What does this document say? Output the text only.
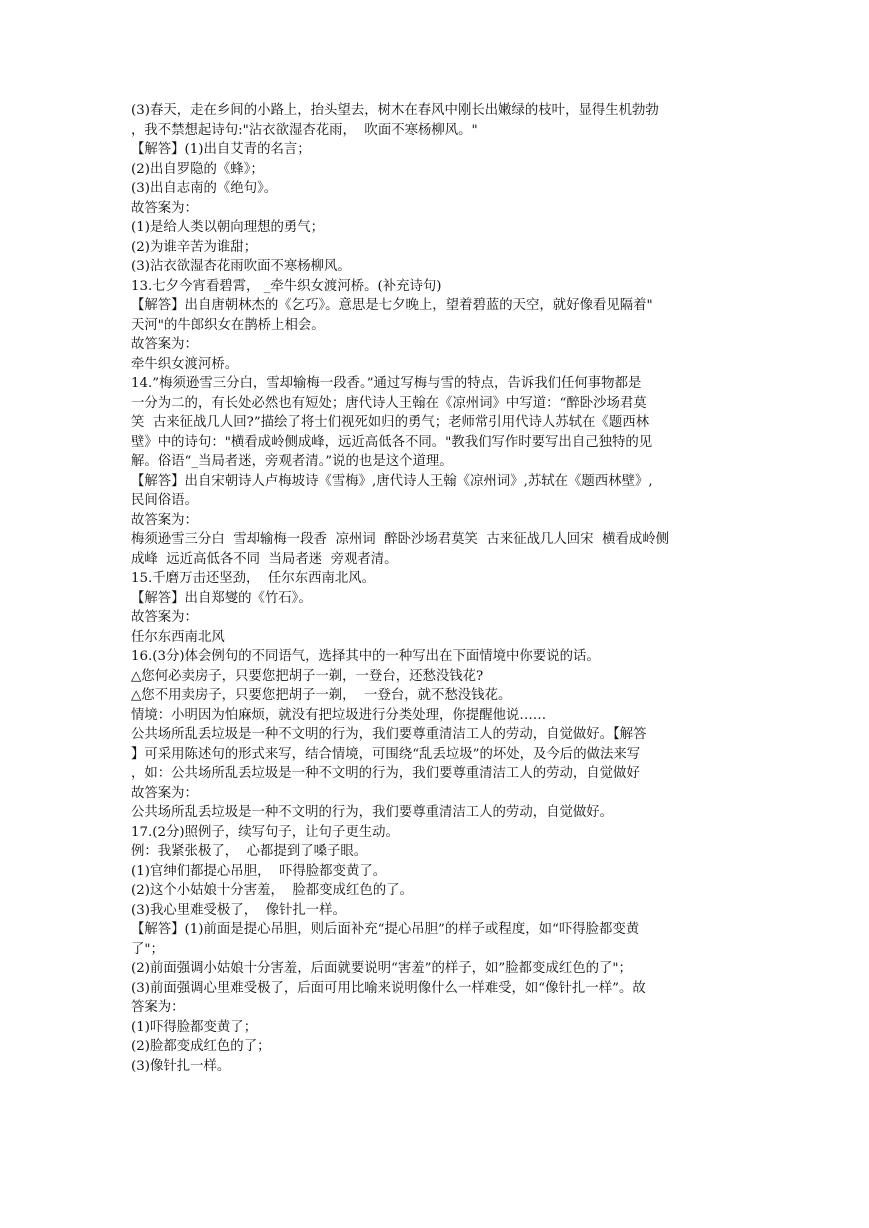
(3)春天，走在乡间的小路上，抬头望去，树木在春风中刚长出嫩绿的枝叶，显得生机勃勃
，我不禁想起诗句:"沾衣欲湿杏花雨，  吹面不寒杨柳风。"
【解答】(1)出自艾青的名言；
(2)出自罗隐的《蜂》；
(3)出自志南的《绝句》。
故答案为：
(1)是给人类以朝向理想的勇气；
(2)为谁辛苦为谁甜；
(3)沾衣欲湿杏花雨吹面不寒杨柳风。
13.七夕今宵看碧霄， _牵牛织女渡河桥。(补充诗句)
【解答】出自唐朝林杰的《乞巧》。意思是七夕晚上，望着碧蓝的天空，就好像看见隔着"
天河"的牛郎织女在鹊桥上相会。
故答案为：
牵牛织女渡河桥。
14.”梅须逊雪三分白，雪却输梅一段香。”通过写梅与雪的特点，告诉我们任何事物都是
一分为二的，有长处必然也有短处；唐代诗人王翰在《凉州词》中写道：“醉卧沙场君莫
笑  古来征战几人回?”描绘了将士们视死如归的勇气；老师常引用代诗人苏轼在《题西林
壁》中的诗句："横看成岭侧成峰，远近高低各不同。"教我们写作时要写出自己独特的见
解。俗语“_当局者迷，旁观者清。”说的也是这个道理。
【解答】出自宋朝诗人卢梅坡诗《雪梅》,唐代诗人王翰《凉州词》,苏轼在《题西林壁》,
民间俗语。
故答案为：
梅须逊雪三分白  雪却输梅一段香  凉州词  醉卧沙场君莫笑  古来征战几人回宋  横看成岭侧
成峰  远近高低各不同  当局者迷  旁观者清。
15.千磨万击还坚劲，  任尔东西南北风。
【解答】出自郑燮的《竹石》。
故答案为：
任尔东西南北风
16.(3分)体会例句的不同语气，选择其中的一种写出在下面情境中你要说的话。
△您何必卖房子，只要您把胡子一剃，一登台，还愁没钱花?
△您不用卖房子，只要您把胡子一剃，  一登台，就不愁没钱花。
情境：小明因为怕麻烦，就没有把垃圾进行分类处理，你提醒他说……
公共场所乱丢垃圾是一种不文明的行为，我们要尊重清洁工人的劳动，自觉做好。【解答
】可采用陈述句的形式来写，结合情境，可围绕“乱丢垃圾”的坏处，及今后的做法来写
，如：公共场所乱丢垃圾是一种不文明的行为，我们要尊重清洁工人的劳动，自觉做好
故答案为：
公共场所乱丢垃圾是一种不文明的行为，我们要尊重清洁工人的劳动，自觉做好。
17.(2分)照例子，续写句子，让句子更生动。
例：我紧张极了，  心都提到了嗓子眼。
(1)官绅们都提心吊胆，  吓得脸都变黄了。
(2)这个小姑娘十分害羞，  脸都变成红色的了。
(3)我心里难受极了，  像针扎一样。
【解答】(1)前面是提心吊胆，则后面补充“提心吊胆”的样子或程度，如“吓得脸都变黄
了"；
(2)前面强调小姑娘十分害羞，后面就要说明“害羞”的样子，如”脸都变成红色的了"；
(3)前面强调心里难受极了，后面可用比喻来说明像什么一样难受，如“像针扎一样”。故
答案为：
(1)吓得脸都变黄了；
(2)脸都变成红色的了；
(3)像针扎一样。
